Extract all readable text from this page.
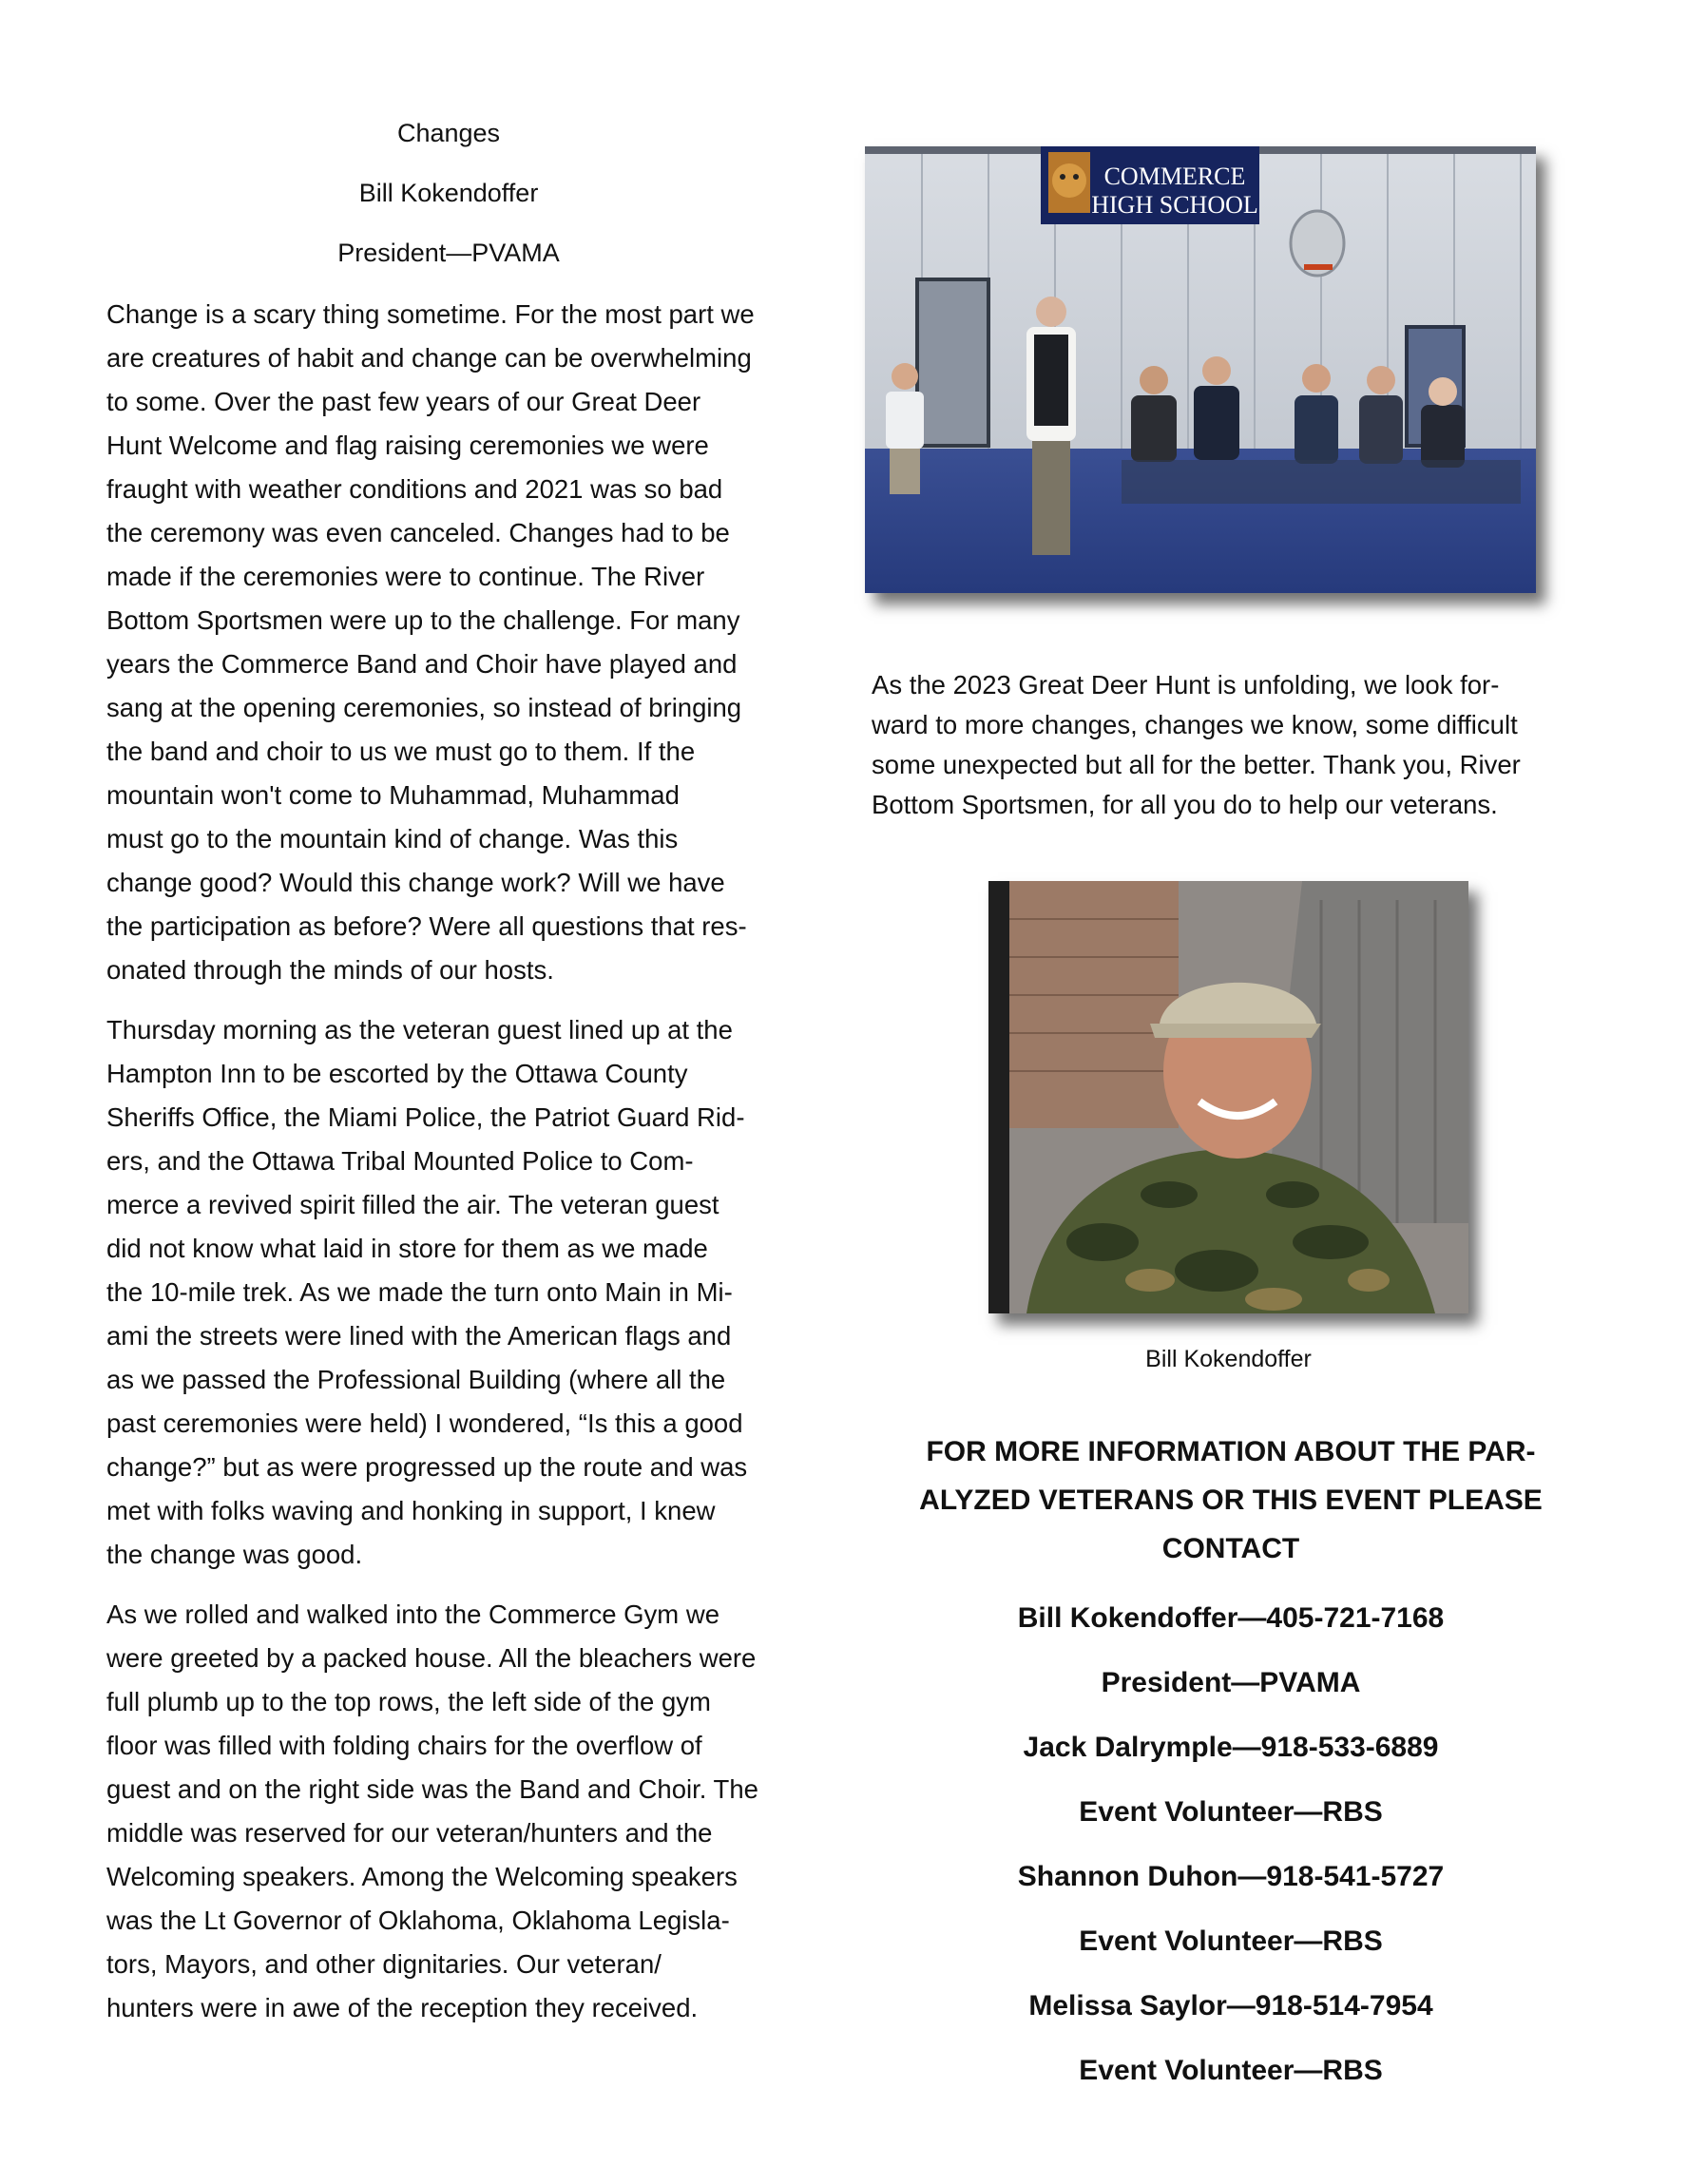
Changes
Bill Kokendoffer
President—PVAMA

Change is a scary thing sometime. For the most part we
are creatures of habit and change can be overwhelming
to some. Over the past few years of our Great Deer
Hunt Welcome and flag raising ceremonies we were
fraught with weather conditions and 2021 was so bad
the ceremony was even canceled. Changes had to be
made if the ceremonies were to continue. The River
Bottom Sportsmen were up to the challenge. For many
years the Commerce Band and Choir have played and
sang at the opening ceremonies, so instead of bringing
the band and choir to us we must go to them. If the
mountain won't come to Muhammad, Muhammad
must go to the mountain kind of change. Was this
change good? Would this change work? Will we have
the participation as before? Were all questions that res-
onated through the minds of our hosts.

Thursday morning as the veteran guest lined up at the
Hampton Inn to be escorted by the Ottawa County
Sheriffs Office, the Miami Police, the Patriot Guard Rid-
ers, and the Ottawa Tribal Mounted Police to Com-
merce a revived spirit filled the air. The veteran guest
did not know what laid in store for them as we made
the 10-mile trek. As we made the turn onto Main in Mi-
ami the streets were lined with the American flags and
as we passed the Professional Building (where all the
past ceremonies were held) I wondered, “Is this a good
change?” but as were progressed up the route and was
met with folks waving and honking in support, I knew
the change was good.

As we rolled and walked into the Commerce Gym we
were greeted by a packed house. All the bleachers were
full plumb up to the top rows, the left side of the gym
floor was filled with folding chairs for the overflow of
guest and on the right side was the Band and Choir. The
middle was reserved for our veteran/hunters and the
Welcoming speakers. Among the Welcoming speakers
was the Lt Governor of Oklahoma, Oklahoma Legisla-
tors, Mayors, and other dignitaries. Our veteran/
hunters were in awe of the reception they received.

COMMERCE
HIGH SCHOOL
As the 2023 Great Deer Hunt is unfolding, we look for-
ward to more changes, changes we know, some difficult
some unexpected but all for the better. Thank you, River
Bottom Sportsmen, for all you do to help our veterans.
Bill Kokendoffer
FOR MORE INFORMATION ABOUT THE PAR-
ALYZED VETERANS OR THIS EVENT PLEASE
CONTACT
Bill Kokendoffer—405-721-7168
President—PVAMA
Jack Dalrymple—918-533-6889
Event Volunteer—RBS
Shannon Duhon—918-541-5727
Event Volunteer—RBS
Melissa Saylor—918-514-7954
Event Volunteer—RBS
